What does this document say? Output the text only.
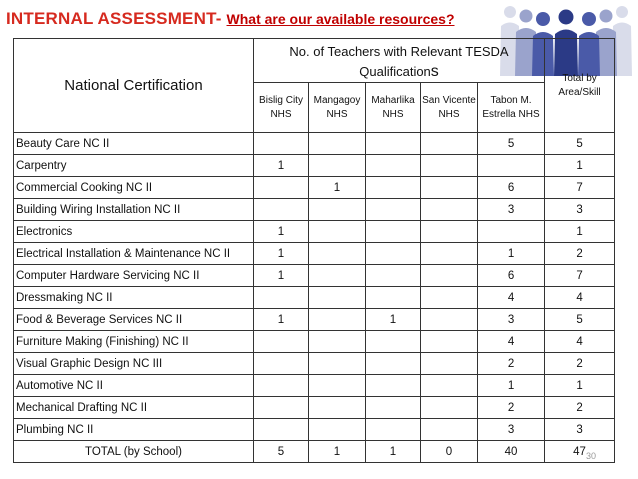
INTERNAL ASSESSMENT- What are our available resources?
National Certification	No. of Teachers with Relevant TESDA Qualifications					Total by Area/Skill
	Bislig City NHS	Mangagoy NHS	Maharlika NHS	San Vicente NHS	Tabon M. Estrella NHS	
Beauty Care NC II					5	5
Carpentry	1					1
Commercial Cooking NC II		1			6	7
Building Wiring Installation NC II					3	3
Electronics	1					1
Electrical Installation & Maintenance NC II	1				1	2
Computer Hardware Servicing NC II	1				6	7
Dressmaking NC II					4	4
Food & Beverage Services NC II	1		1		3	5
Furniture Making (Finishing) NC II					4	4
Visual Graphic Design NC III					2	2
Automotive NC II					1	1
Mechanical Drafting NC II					2	2
Plumbing NC II					3	3
TOTAL (by School)	5	1	1	0	40	47 30
